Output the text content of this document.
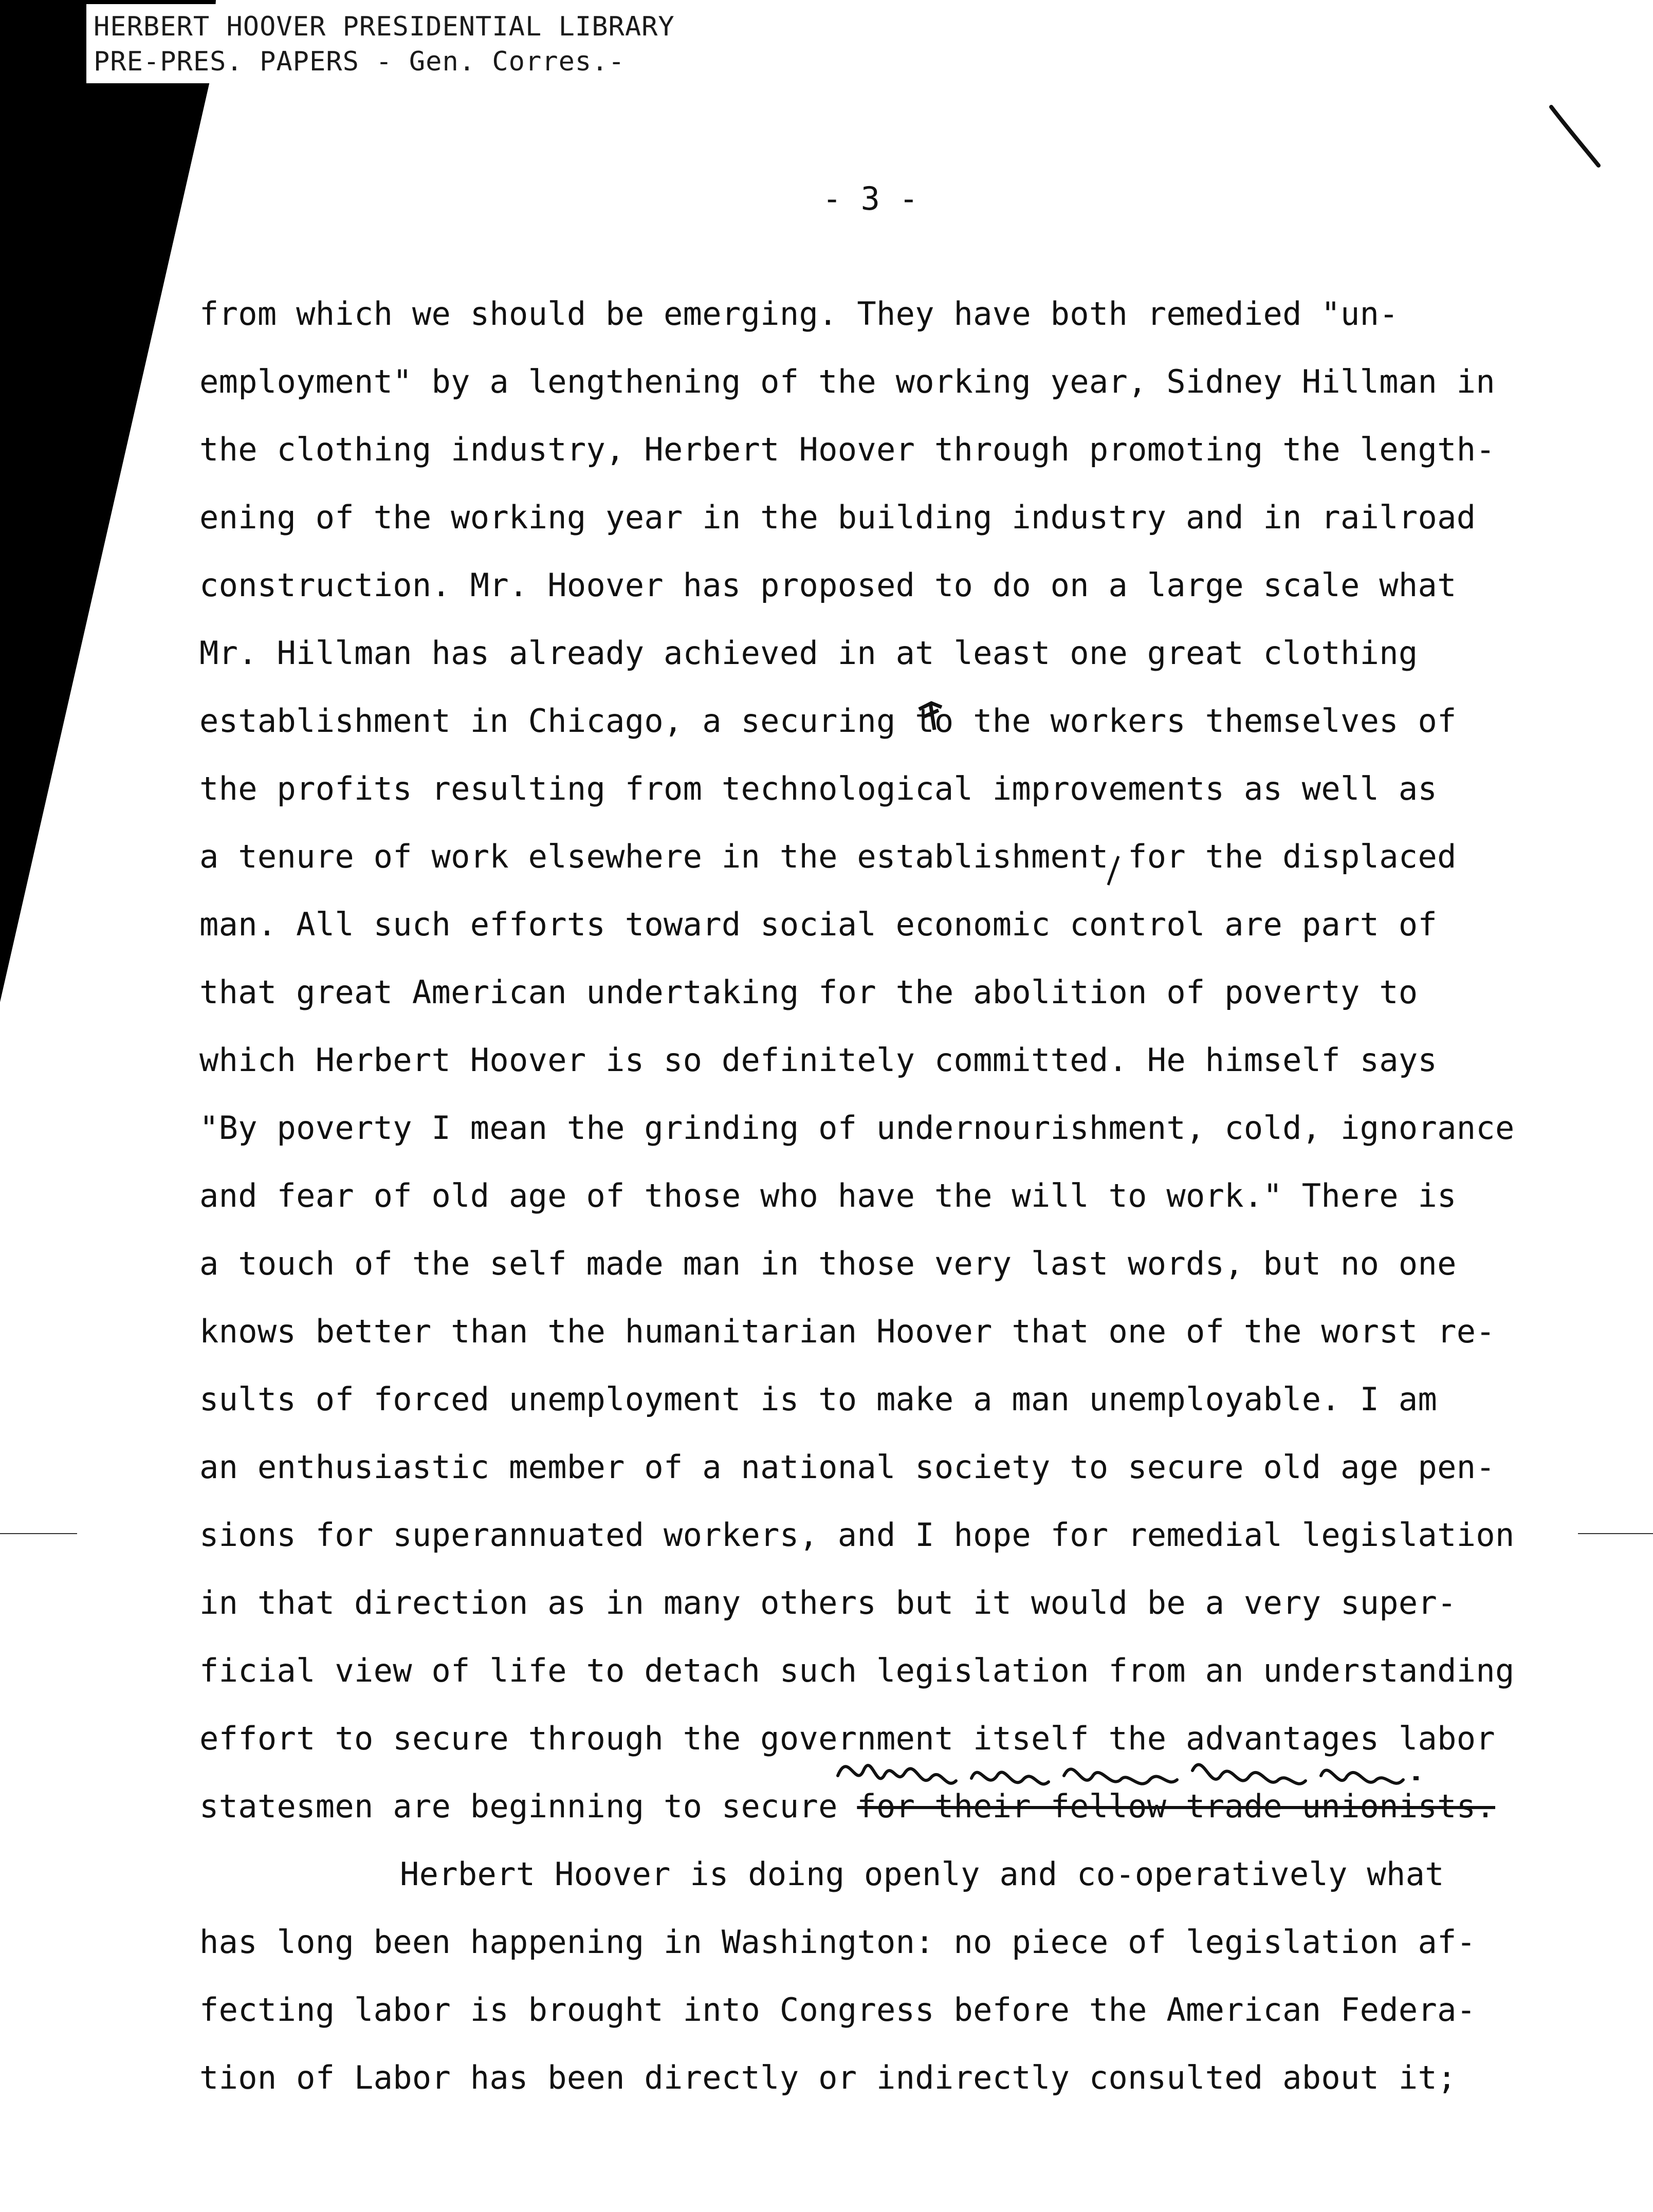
HERBERT HOOVER PRESIDENTIAL LIBRARY
PRE-PRES. PAPERS - Gen. Corres.-
- 3 -
from which we should be emerging. They have both remedied "un-
employment" by a lengthening of the working year, Sidney Hillman in
the clothing industry, Herbert Hoover through promoting the length-
ening of the working year in the building industry and in railroad
construction. Mr. Hoover has proposed to do on a large scale what
Mr. Hillman has already achieved in at least one great clothing
establishment in Chicago, a securing to the workers themselves of
the profits resulting from technological improvements as well as
a tenure of work elsewhere in the establishment for the displaced
man. All such efforts toward social economic control are part of
that great American undertaking for the abolition of poverty to
which Herbert Hoover is so definitely committed. He himself says
"By poverty I mean the grinding of undernourishment, cold, ignorance
and fear of old age of those who have the will to work." There is
a touch of the self made man in those very last words, but no one
knows better than the humanitarian Hoover that one of the worst re-
sults of forced unemployment is to make a man unemployable. I am
an enthusiastic member of a national society to secure old age pen-
sions for superannuated workers, and I hope for remedial legislation
in that direction as in many others but it would be a very super-
ficial view of life to detach such legislation from an understanding
effort to secure through the government itself the advantages labor
statesmen are beginning to secure for their fellow trade unionists.
Herbert Hoover is doing openly and co-operatively what
has long been happening in Washington: no piece of legislation af-
fecting labor is brought into Congress before the American Federa-
tion of Labor has been directly or indirectly consulted about it;
